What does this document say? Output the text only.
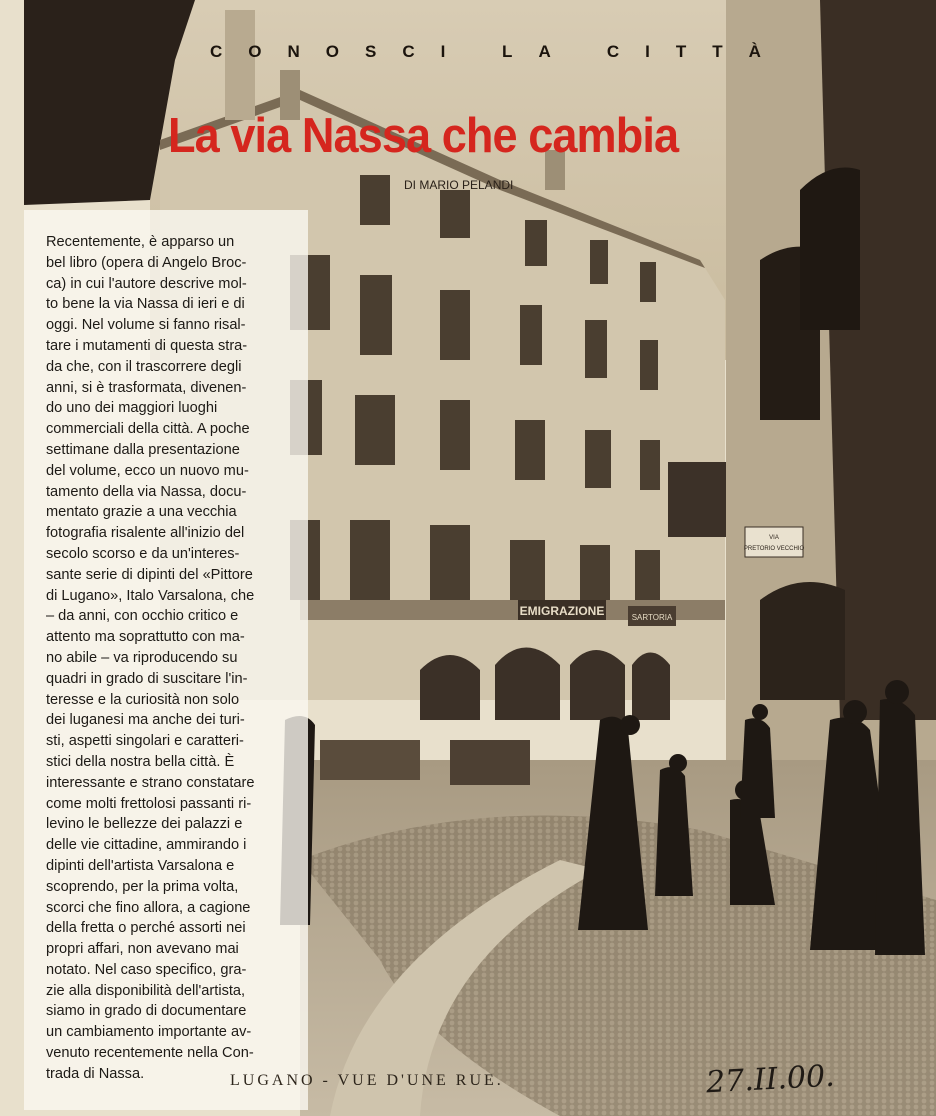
EMIGRAZIONE
VIA
PRETORIO VECCHIO
SARTORIA
CONOSCI LA CITTÀ
La via Nassa che cambia
DI MARIO PELANDI

Recentemente, è apparso un
bel libro (opera di Angelo Broc-
ca) in cui l'autore descrive mol-
to bene la via Nassa di ieri e di
oggi. Nel volume si fanno risal-
tare i mutamenti di questa stra-
da che, con il trascorrere degli
anni, si è trasformata, divenen-
do uno dei maggiori luoghi
commerciali della città. A poche
settimane dalla presentazione
del volume, ecco un nuovo mu-
tamento della via Nassa, docu-
mentato grazie a una vecchia
fotografia risalente all'inizio del
secolo scorso e da un'interes-
sante serie di dipinti del «Pittore
di Lugano», Italo Varsalona, che
– da anni, con occhio critico e
attento ma soprattutto con ma-
no abile – va riproducendo su
quadri in grado di suscitare l'in-
teresse e la curiosità non solo
dei luganesi ma anche dei turi-
sti, aspetti singolari e caratteri-
stici della nostra bella città. È
interessante e strano constatare
come molti frettolosi passanti ri-
levino le bellezze dei palazzi e
delle vie cittadine, ammirando i
dipinti dell'artista Varsalona e
scoprendo, per la prima volta,
scorci che fino allora, a cagione
della fretta o perché assorti nei
propri affari, non avevano mai
notato. Nel caso specifico, gra-
zie alla disponibilità dell'artista,
siamo in grado di documentare
un cambiamento importante av-
venuto recentemente nella Con-
trada di Nassa.	LUGANO - VUE D'UNE RUE.	27.II.00.
